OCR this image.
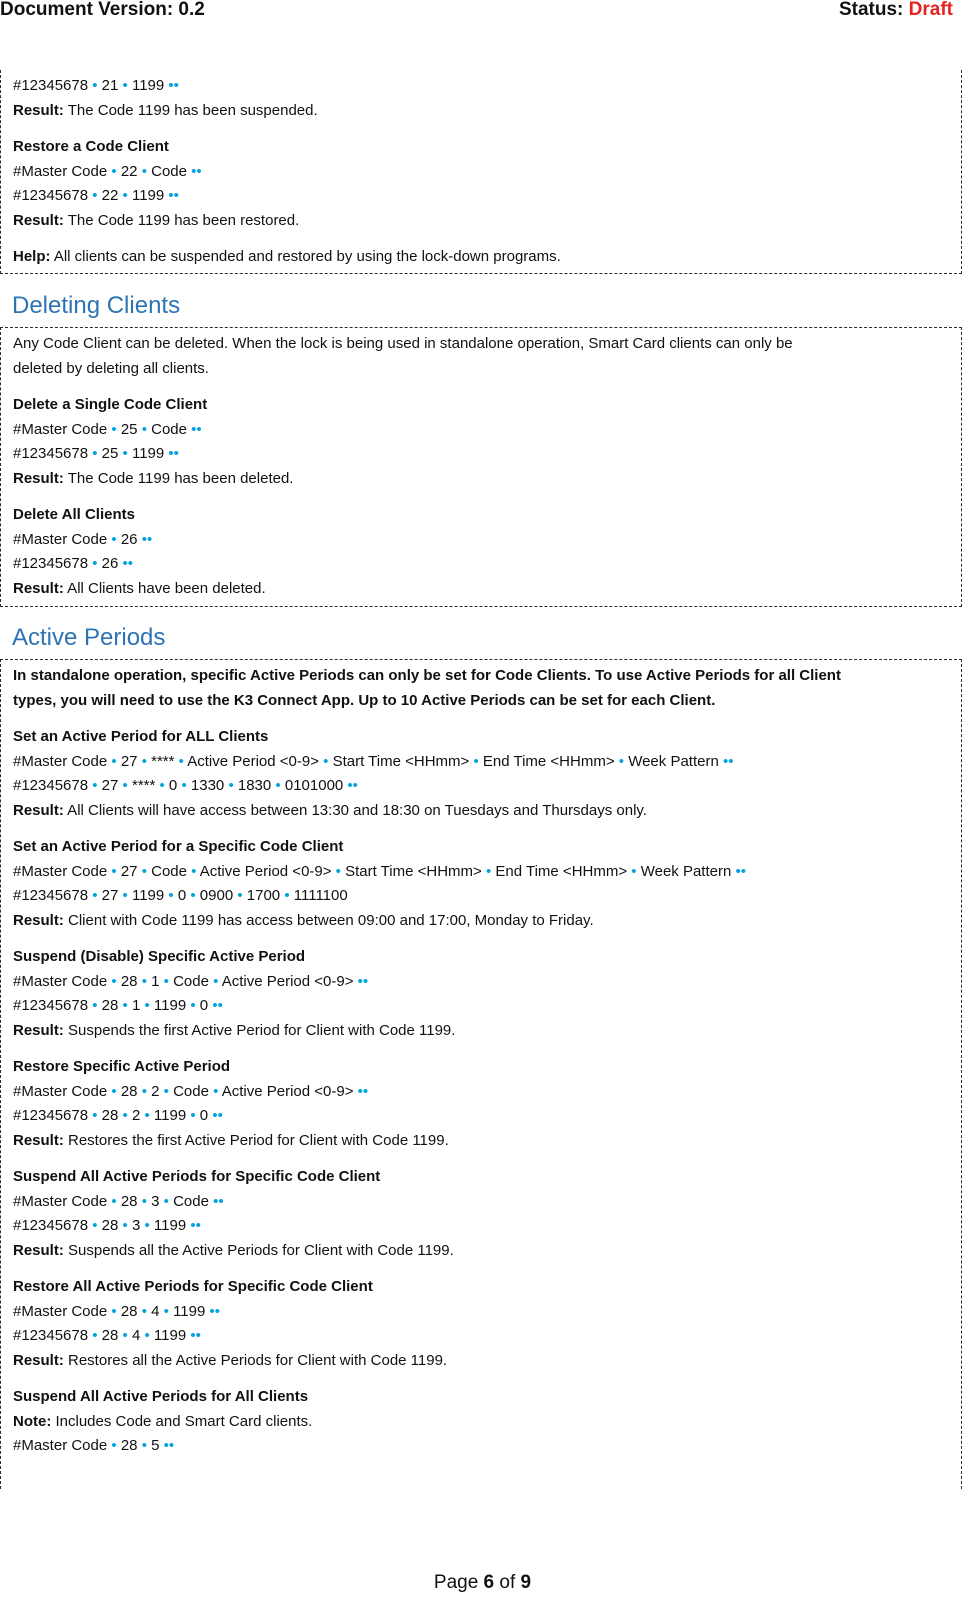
Document Version: 0.2	Status: Draft
#12345678 • 21 • 1199 ••
Result: The Code 1199 has been suspended.
Restore a Code Client
#Master Code • 22 • Code ••
#12345678 • 22 • 1199 ••
Result: The Code 1199 has been restored.
Help: All clients can be suspended and restored by using the lock-down programs.
Deleting Clients
Any Code Client can be deleted. When the lock is being used in standalone operation, Smart Card clients can only be
deleted by deleting all clients.
Delete a Single Code Client
#Master Code • 25 • Code ••
#12345678 • 25 • 1199 ••
Result: The Code 1199 has been deleted.
Delete All Clients
#Master Code • 26 ••
#12345678 • 26 ••
Result: All Clients have been deleted.
Active Periods
In standalone operation, specific Active Periods can only be set for Code Clients. To use Active Periods for all Client
types, you will need to use the K3 Connect App. Up to 10 Active Periods can be set for each Client.
Set an Active Period for ALL Clients
#Master Code • 27 • **** • Active Period <0-9> • Start Time <HHmm> • End Time <HHmm> • Week Pattern ••
#12345678 • 27 • **** • 0 • 1330 • 1830 • 0101000 ••
Result: All Clients will have access between 13:30 and 18:30 on Tuesdays and Thursdays only.
Set an Active Period for a Specific Code Client
#Master Code • 27 • Code • Active Period <0-9> • Start Time <HHmm> • End Time <HHmm> • Week Pattern ••
#12345678 • 27 • 1199 • 0 • 0900 • 1700 • 1111100
Result: Client with Code 1199 has access between 09:00 and 17:00, Monday to Friday.
Suspend (Disable) Specific Active Period
#Master Code • 28 • 1 • Code • Active Period <0-9> ••
#12345678 • 28 • 1 • 1199 • 0 ••
Result: Suspends the first Active Period for Client with Code 1199.
Restore Specific Active Period
#Master Code • 28 • 2 • Code • Active Period <0-9> ••
#12345678 • 28 • 2 • 1199 • 0 ••
Result: Restores the first Active Period for Client with Code 1199.
Suspend All Active Periods for Specific Code Client
#Master Code • 28 • 3 • Code ••
#12345678 • 28 • 3 • 1199 ••
Result: Suspends all the Active Periods for Client with Code 1199.
Restore All Active Periods for Specific Code Client
#Master Code • 28 • 4 • 1199 ••
#12345678 • 28 • 4 • 1199 ••
Result: Restores all the Active Periods for Client with Code 1199.
Suspend All Active Periods for All Clients
Note: Includes Code and Smart Card clients.
#Master Code • 28 • 5 ••
Page 6 of 9
